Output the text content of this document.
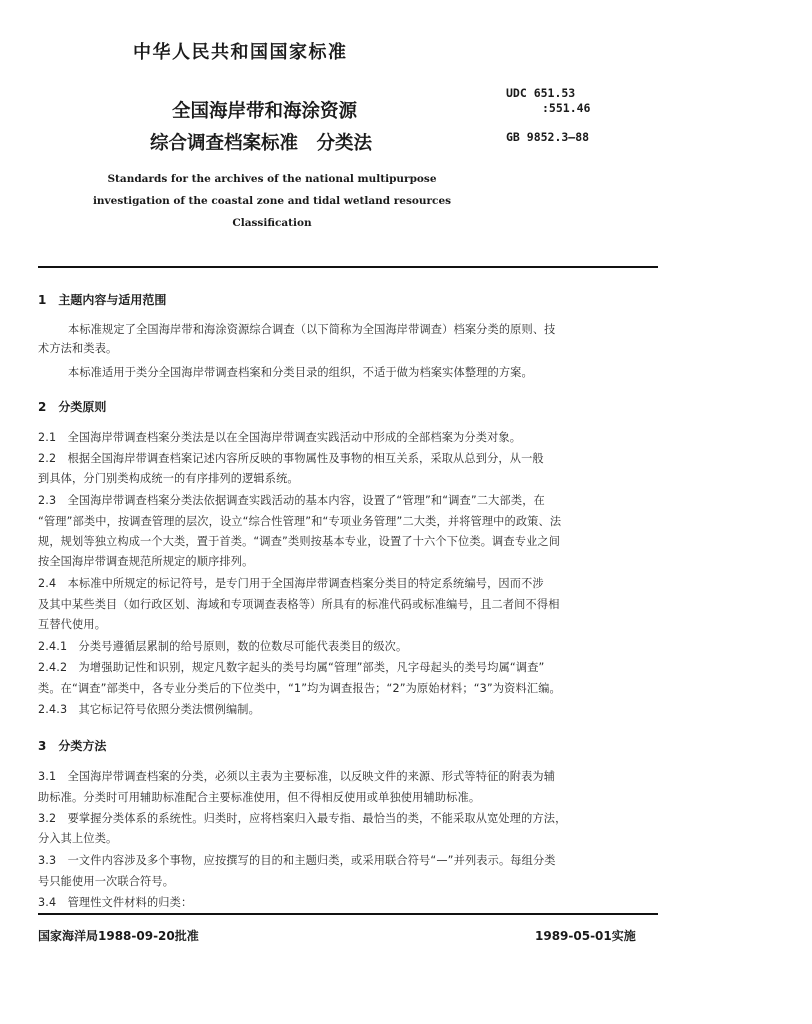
中华人民共和国国家标准
全国海岸带和海涂资源
综合调查档案标准　分类法
UDC 651.53
:551.46
GB 9852.3—88
Standards for the archives of the national multipurpose
investigation of the coastal zone and tidal wetland resources
Classification
1　主题内容与适用范围
本标准规定了全国海岸带和海涂资源综合调查（以下简称为全国海岸带调查）档案分类的原则、技
术方法和类表。
本标准适用于类分全国海岸带调查档案和分类目录的组织，不适于做为档案实体整理的方案。
2　分类原则
2.1　全国海岸带调查档案分类法是以在全国海岸带调查实践活动中形成的全部档案为分类对象。
2.2　根据全国海岸带调查档案记述内容所反映的事物属性及事物的相互关系，采取从总到分，从一般
到具体，分门别类构成统一的有序排列的逻辑系统。
2.3　全国海岸带调查档案分类法依据调查实践活动的基本内容，设置了“管理”和“调查”二大部类，在
“管理”部类中，按调查管理的层次，设立“综合性管理”和“专项业务管理”二大类，并将管理中的政策、法
规，规划等独立构成一个大类，置于首类。“调查”类则按基本专业，设置了十六个下位类。调查专业之间
按全国海岸带调查规范所规定的顺序排列。
2.4　本标准中所规定的标记符号，是专门用于全国海岸带调查档案分类目的特定系统编号，因而不涉
及其中某些类目（如行政区划、海域和专项调查表格等）所具有的标准代码或标准编号，且二者间不得相
互替代使用。
2.4.1　分类号遵循层累制的给号原则，数的位数尽可能代表类目的级次。
2.4.2　为增强助记性和识别，规定凡数字起头的类号均属“管理”部类，凡字母起头的类号均属“调查”
类。在“调查”部类中，各专业分类后的下位类中，“1”均为调查报告；“2”为原始材料；“3”为资料汇编。
2.4.3　其它标记符号依照分类法惯例编制。
3　分类方法
3.1　全国海岸带调查档案的分类，必须以主表为主要标准，以反映文件的来源、形式等特征的附表为辅
助标准。分类时可用辅助标准配合主要标准使用，但不得相反使用或单独使用辅助标准。
3.2　要掌握分类体系的系统性。归类时，应将档案归入最专指、最恰当的类，不能采取从宽处理的方法，
分入其上位类。
3.3　一文件内容涉及多个事物，应按撰写的目的和主题归类，或采用联合符号“—”并列表示。每组分类
号只能使用一次联合符号。
3.4　管理性文件材料的归类：
国家海洋局1988-09-20批准	1989-05-01实施
